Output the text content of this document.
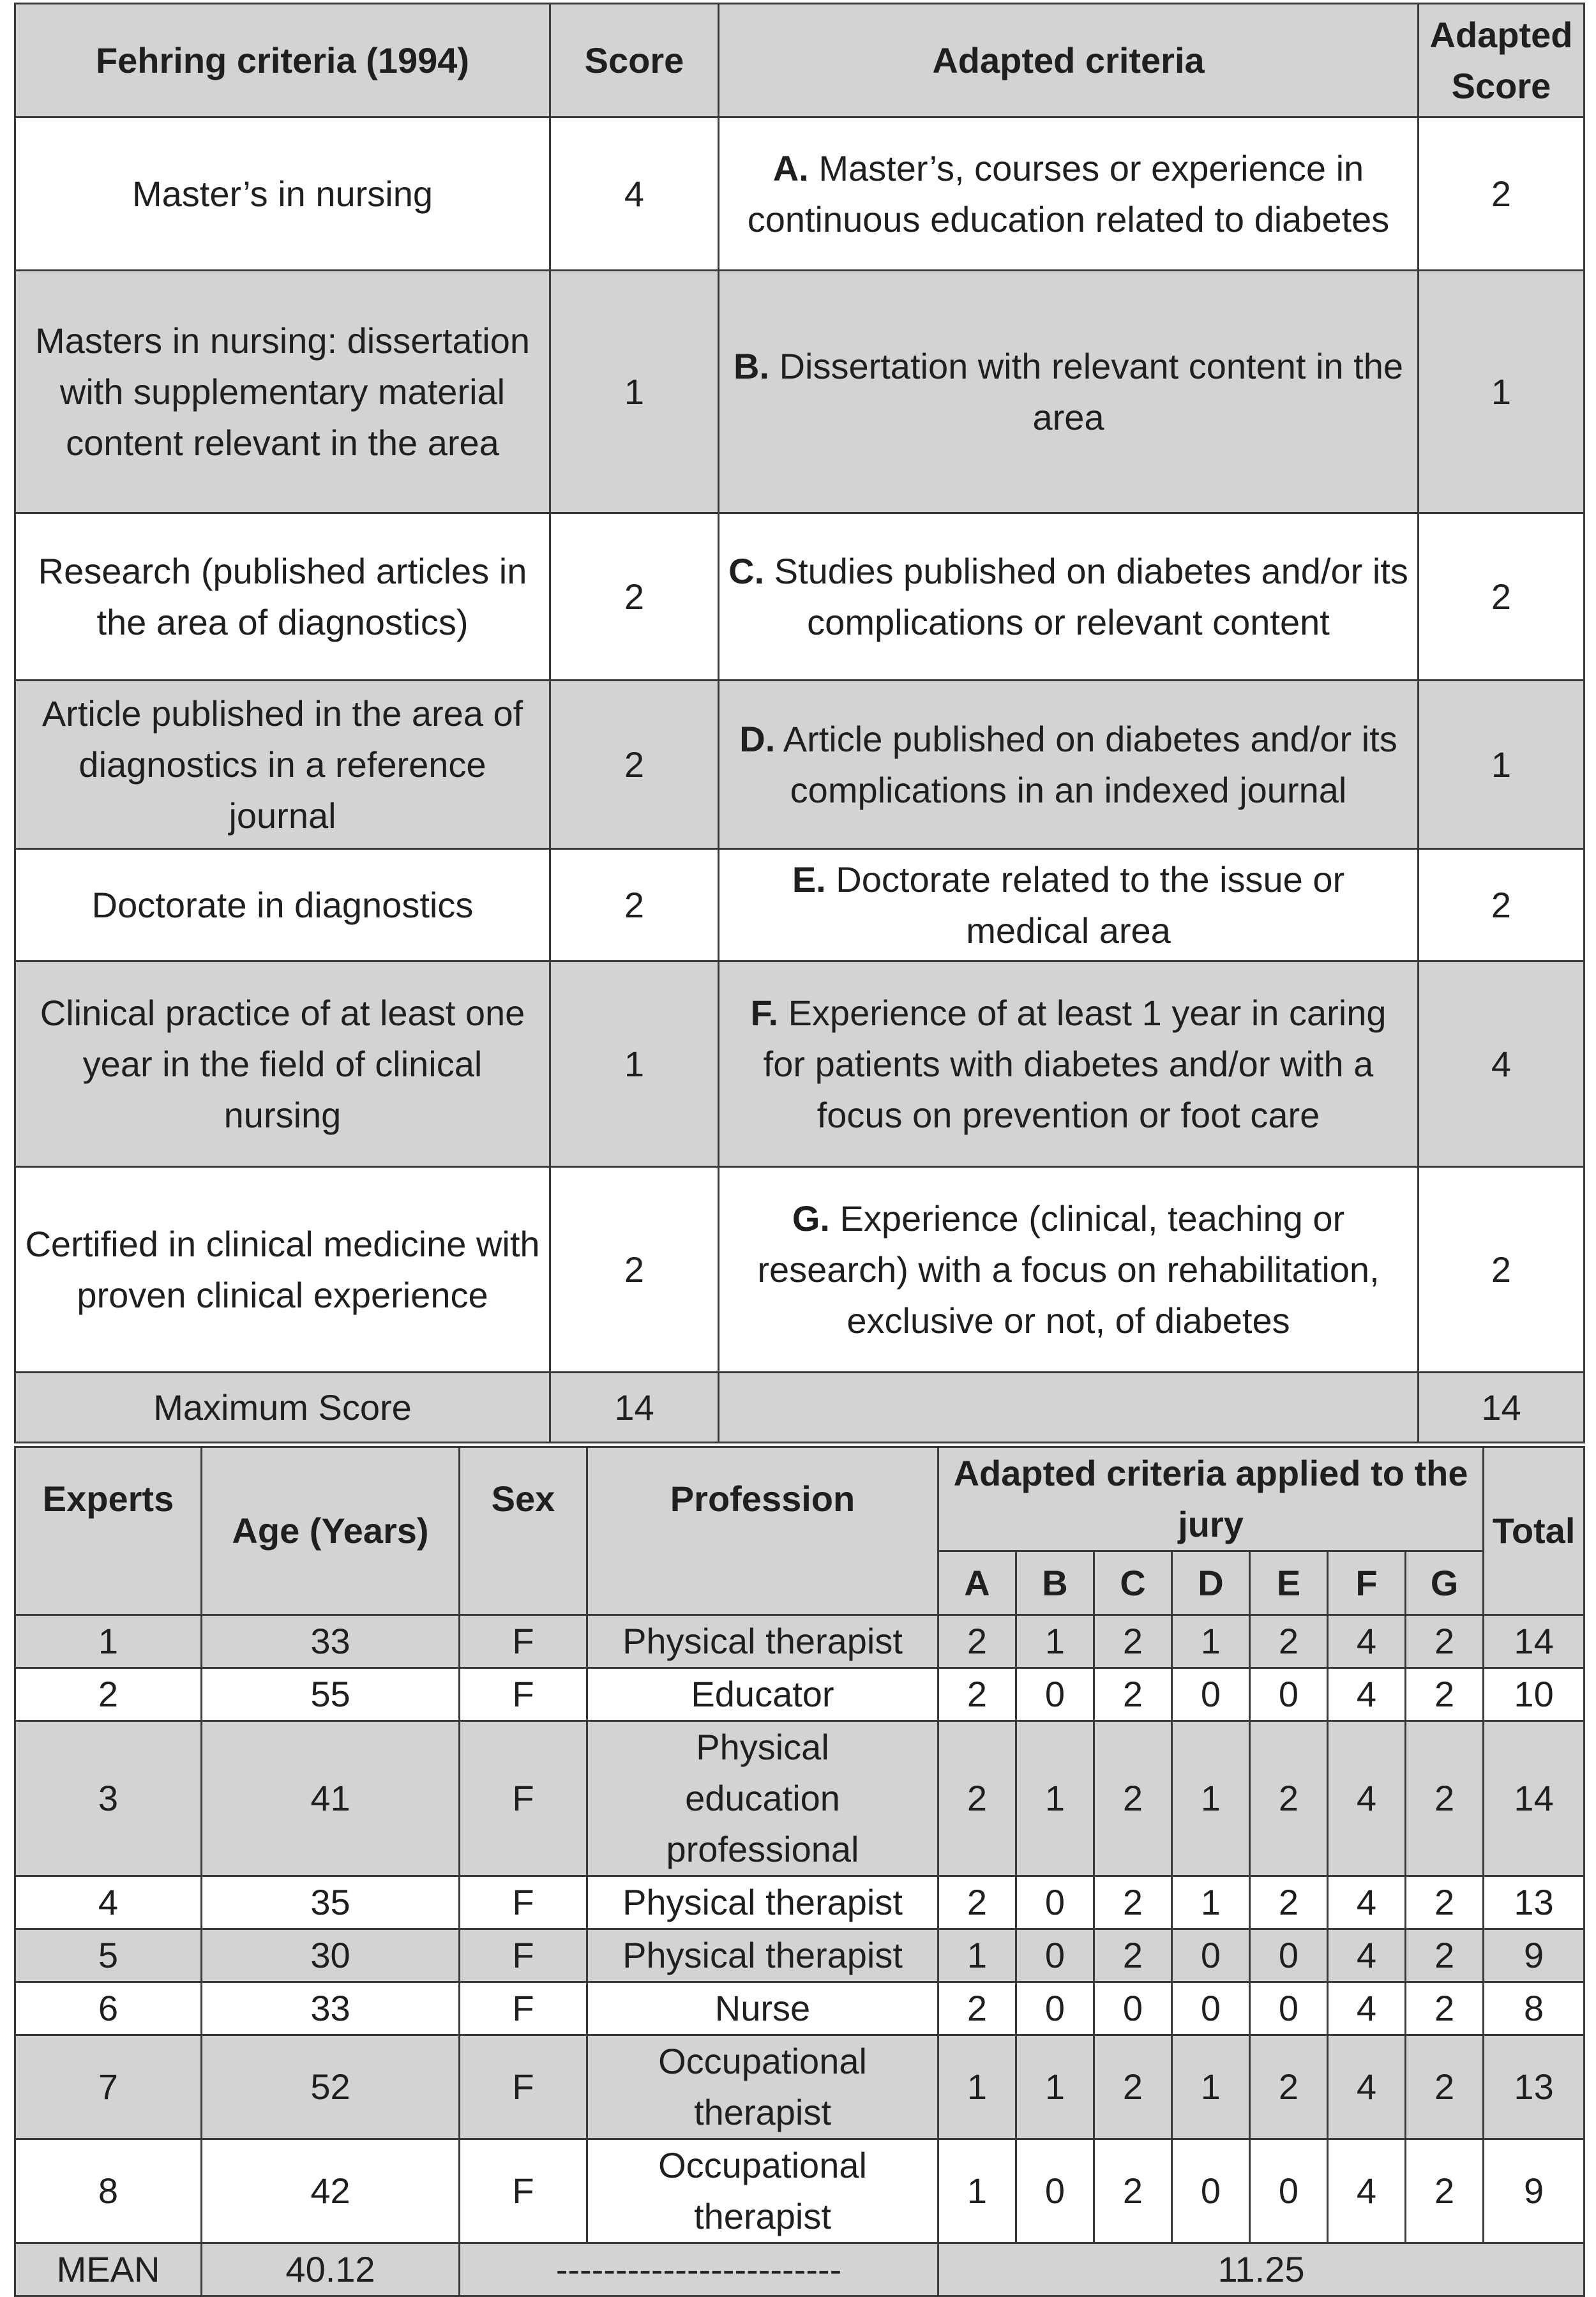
Fehring criteria (1994)	Score	Adapted criteria	Adapted Score
Master’s in nursing	4	A. Master’s, courses or experience in continuous education related to diabetes	2
Masters in nursing: dissertation with supplementary material content relevant in the area	1	B. Dissertation with relevant content in the area	1
Research (published articles in the area of diagnostics)	2	C. Studies published on diabetes and/or its complications or relevant content	2
Article published in the area of diagnostics in a reference journal	2	D. Article published on diabetes and/or its complications in an indexed journal	1
Doctorate in diagnostics	2	E. Doctorate related to the issue or medical area	2
Clinical practice of at least one year in the field of clinical nursing	1	F. Experience of at least 1 year in caring for patients with diabetes and/or with a focus on prevention or foot care	4
Certified in clinical medicine with proven clinical experience	2	G. Experience (clinical, teaching or research) with a focus on rehabilitation, exclusive or not, of diabetes	2
Maximum Score	14		14
Experts	Age (Years)	Sex	Profession	Adapted criteria applied to the jury							Total
				A	B	C	D	E	F	G	
1	33	F	Physical therapist	2	1	2	1	2	4	2	14
2	55	F	Educator	2	0	2	0	0	4	2	10
3	41	F	Physical education professional	2	1	2	1	2	4	2	14
4	35	F	Physical therapist	2	0	2	1	2	4	2	13
5	30	F	Physical therapist	1	0	2	0	0	4	2	9
6	33	F	Nurse	2	0	0	0	0	4	2	8
7	52	F	Occupational therapist	1	1	2	1	2	4	2	13
8	42	F	Occupational therapist	1	0	2	0	0	4	2	9
MEAN	40.12	------------------------		11.25							
